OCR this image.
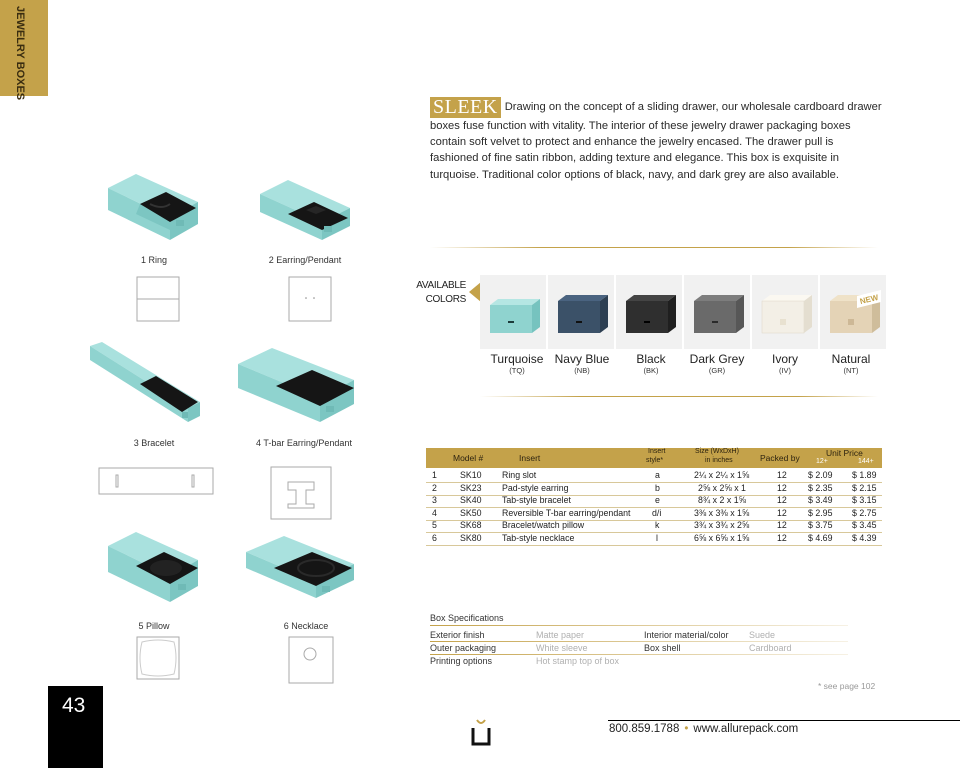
JEWELRY BOXES
43
SLEEK Drawing on the concept of a sliding drawer, our wholesale cardboard drawer boxes fuse function with vitality. The interior of these jewelry drawer packaging boxes contain soft velvet to protect and enhance the jewelry encased. The drawer pull is fashioned of fine satin ribbon, adding texture and elegance. This box is exquisite in turquoise. Traditional color options of black, navy, and dark grey are also available.
1 Ring	2 Earring/Pendant
3 Bracelet	4 T-bar Earring/Pendant
5 Pillow	6 Necklace
AVAILABLE
COLORS	NEW
Turquoise
(TQ)
Navy Blue
(NB)
Black
(BK)
Dark Grey
(GR)
Ivory
(IV)
Natural
(NT)
Model #	Insert
Insert
style*
Size (WxDxH)
in inches	Packed by	Unit Price
12+	144+
1	SK10 Ring slot	a	2¼ x 2¼ x 1⅝	12 $ 2.09 $ 1.89
2	SK23 Pad-style earring	b	2⅝ x 2⅝ x 1	12 $ 2.35 $ 2.15
3	SK40 Tab-style bracelet	e	8¾ x 2 x 1⅝	12 $ 3.49 $ 3.15
4	SK50 Reversible T-bar earring/pendant d/i	3⅜ x 3⅜ x 1⅝	12 $ 2.95 $ 2.75
5	SK68 Bracelet/watch pillow	k	3¾ x 3¾ x 2⅝	12 $ 3.75 $ 3.45
6	SK80 Tab-style necklace	l	6⅝ x 6⅝ x 1⅝	12 $ 4.69 $ 4.39
Box Specifications
Exterior finish	Matte paper	Interior material/color Suede
Outer packaging	White sleeve	Box shell	Cardboard
Printing options	Hot stamp top of box
* see page 102
800.859.1788 • www.allurepack.com
